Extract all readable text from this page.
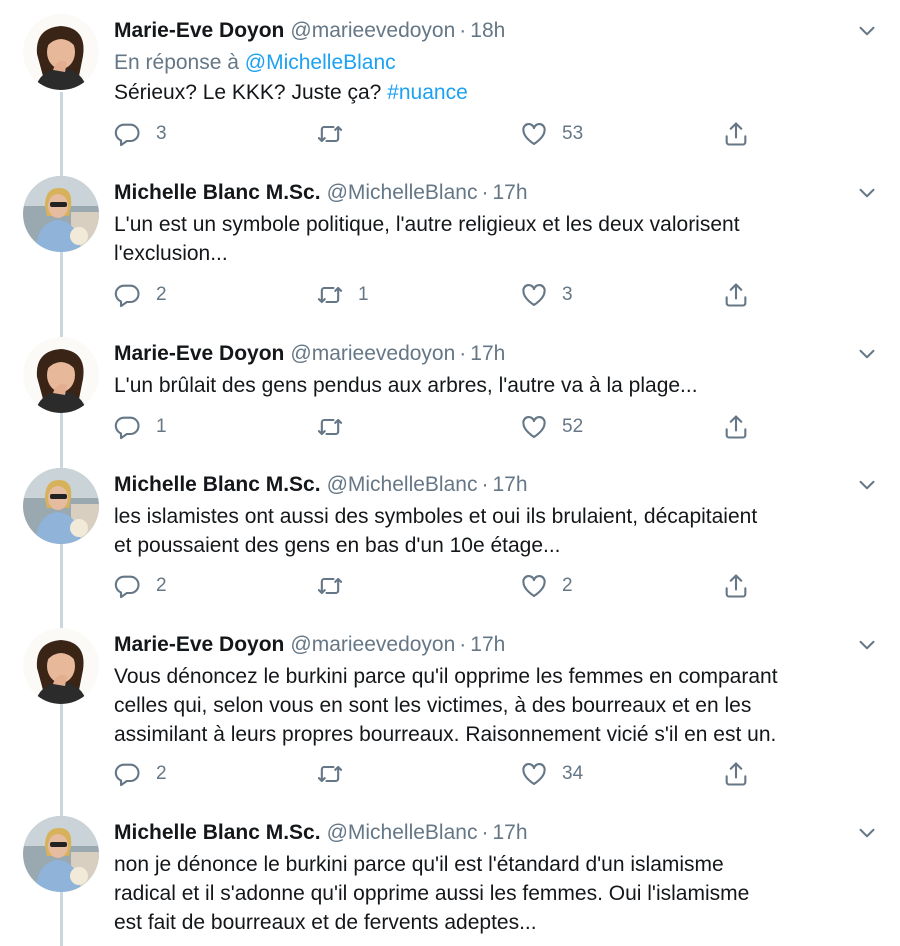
Marie-Eve Doyon @marieevedoyon · 18h
En réponse à @MichelleBlanc
Sérieux? Le KKK? Juste ça? #nuance
3	53
Michelle Blanc M.Sc. @MichelleBlanc · 17h
L'un est un symbole politique, l'autre religieux et les deux valorisent
l'exclusion...
2	1	3
Marie-Eve Doyon @marieevedoyon · 17h
L'un brûlait des gens pendus aux arbres, l'autre va à la plage...
1	52
Michelle Blanc M.Sc. @MichelleBlanc · 17h
les islamistes ont aussi des symboles et oui ils brulaient, décapitaient
et poussaient des gens en bas d'un 10e étage...
2	2
Marie-Eve Doyon @marieevedoyon · 17h
Vous dénoncez le burkini parce qu'il opprime les femmes en comparant
celles qui, selon vous en sont les victimes, à des bourreaux et en les
assimilant à leurs propres bourreaux. Raisonnement vicié s'il en est un.
2	34
Michelle Blanc M.Sc. @MichelleBlanc · 17h
non je dénonce le burkini parce qu'il est l'étandard d'un islamisme
radical et il s'adonne qu'il opprime aussi les femmes. Oui l'islamisme
est fait de bourreaux et de fervents adeptes...
